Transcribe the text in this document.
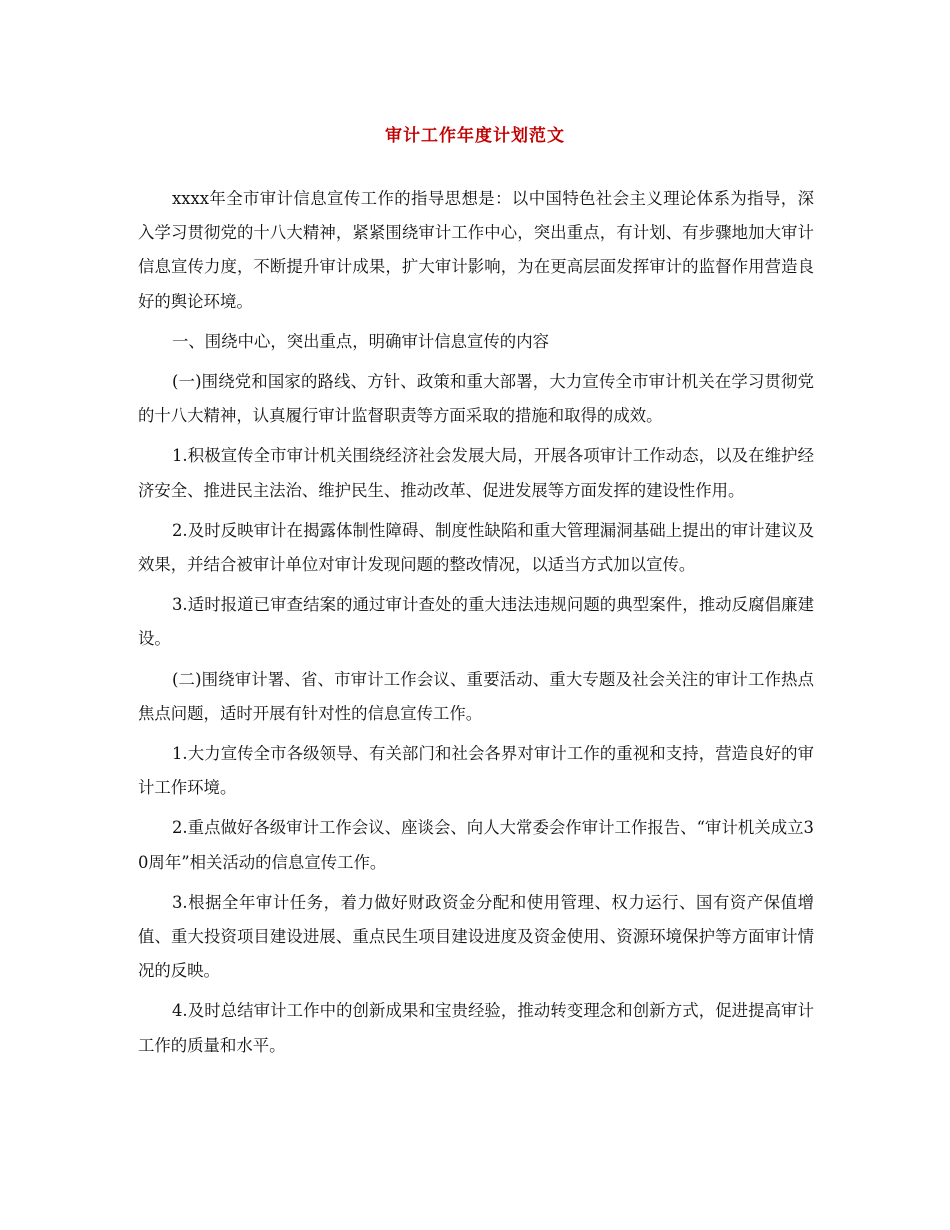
审计工作年度计划范文

xxxx年全市审计信息宣传工作的指导思想是：以中国特色社会主义理论体系为指导，深入学习贯彻党的十八大精神，紧紧围绕审计工作中心，突出重点，有计划、有步骤地加大审计信息宣传力度，不断提升审计成果，扩大审计影响，为在更高层面发挥审计的监督作用营造良好的舆论环境。

一、围绕中心，突出重点，明确审计信息宣传的内容

(一)围绕党和国家的路线、方针、政策和重大部署，大力宣传全市审计机关在学习贯彻党的十八大精神，认真履行审计监督职责等方面采取的措施和取得的成效。

1.积极宣传全市审计机关围绕经济社会发展大局，开展各项审计工作动态，以及在维护经济安全、推进民主法治、维护民生、推动改革、促进发展等方面发挥的建设性作用。

2.及时反映审计在揭露体制性障碍、制度性缺陷和重大管理漏洞基础上提出的审计建议及效果，并结合被审计单位对审计发现问题的整改情况，以适当方式加以宣传。

3.适时报道已审查结案的通过审计查处的重大违法违规问题的典型案件，推动反腐倡廉建设。

(二)围绕审计署、省、市审计工作会议、重要活动、重大专题及社会关注的审计工作热点焦点问题，适时开展有针对性的信息宣传工作。

1.大力宣传全市各级领导、有关部门和社会各界对审计工作的重视和支持，营造良好的审计工作环境。

2.重点做好各级审计工作会议、座谈会、向人大常委会作审计工作报告、“审计机关成立30周年”相关活动的信息宣传工作。

3.根据全年审计任务，着力做好财政资金分配和使用管理、权力运行、国有资产保值增值、重大投资项目建设进展、重点民生项目建设进度及资金使用、资源环境保护等方面审计情况的反映。

4.及时总结审计工作中的创新成果和宝贵经验，推动转变理念和创新方式，促进提高审计工作的质量和水平。
